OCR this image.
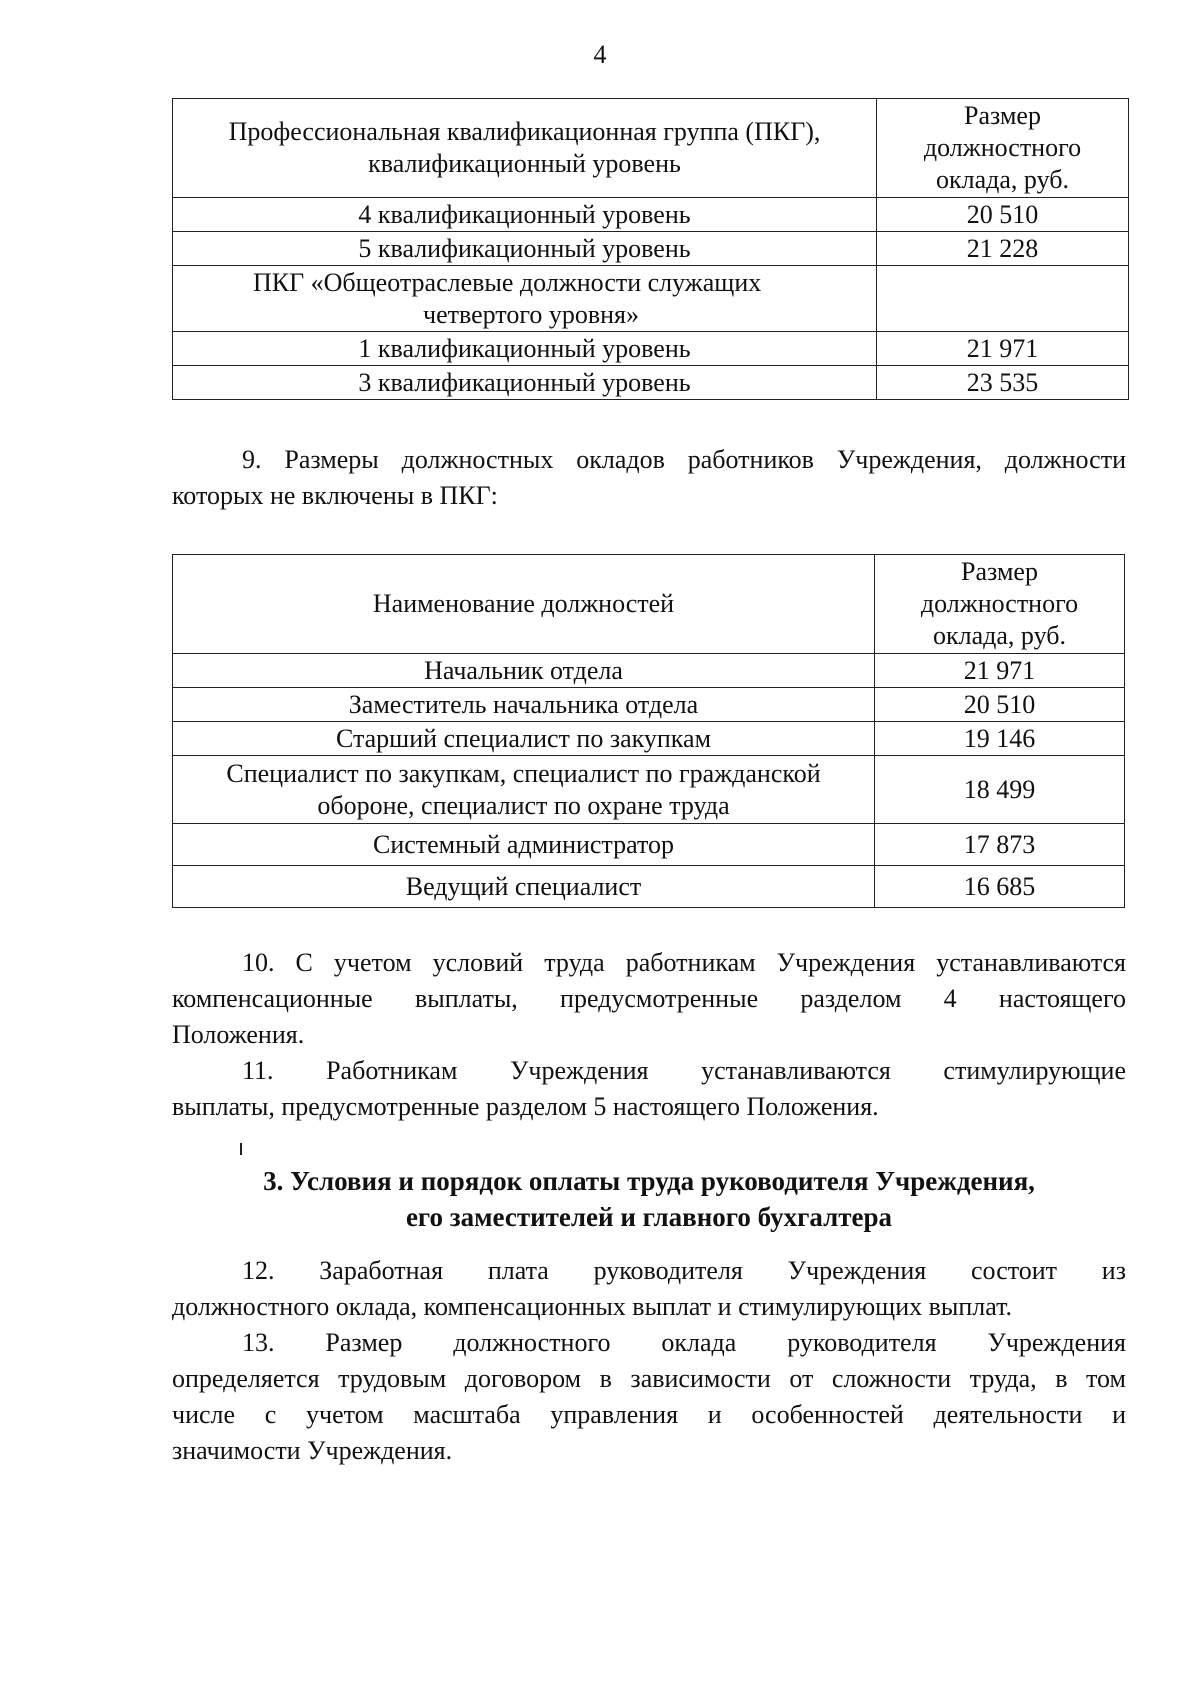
4
Профессиональная квалификационная группа (ПКГ),
квалификационный уровень	Размер
должностного
оклада, руб.
4 квалификационный уровень	20 510
5 квалификационный уровень	21 228
ПКГ «Общеотраслевые должности служащих
четвертого уровня»	
1 квалификационный уровень	21 971
3 квалификационный уровень	23 535

9. Размеры должностных окладов работников Учреждения, должности

которых не включены в ПКГ:

Наименование должностей	Размер
должностного
оклада, руб.
Начальник отдела	21 971
Заместитель начальника отдела	20 510
Старший специалист по закупкам	19 146
Специалист по закупкам, специалист по гражданской
обороне, специалист по охране труда	18 499
Системный администратор	17 873
Ведущий специалист	16 685

10. С учетом условий труда работникам Учреждения устанавливаются

компенсационные выплаты, предусмотренные разделом 4 настоящего

Положения.

11. Работникам Учреждения устанавливаются стимулирующие

выплаты, предусмотренные разделом 5 настоящего Положения.

3. Условия и порядок оплаты труда руководителя Учреждения,
его заместителей и главного бухгалтера

12. Заработная плата руководителя Учреждения состоит из

должностного оклада, компенсационных выплат и стимулирующих выплат.

13. Размер должностного оклада руководителя Учреждения

определяется трудовым договором в зависимости от сложности труда, в том

числе с учетом масштаба управления и особенностей деятельности и

значимости Учреждения.
